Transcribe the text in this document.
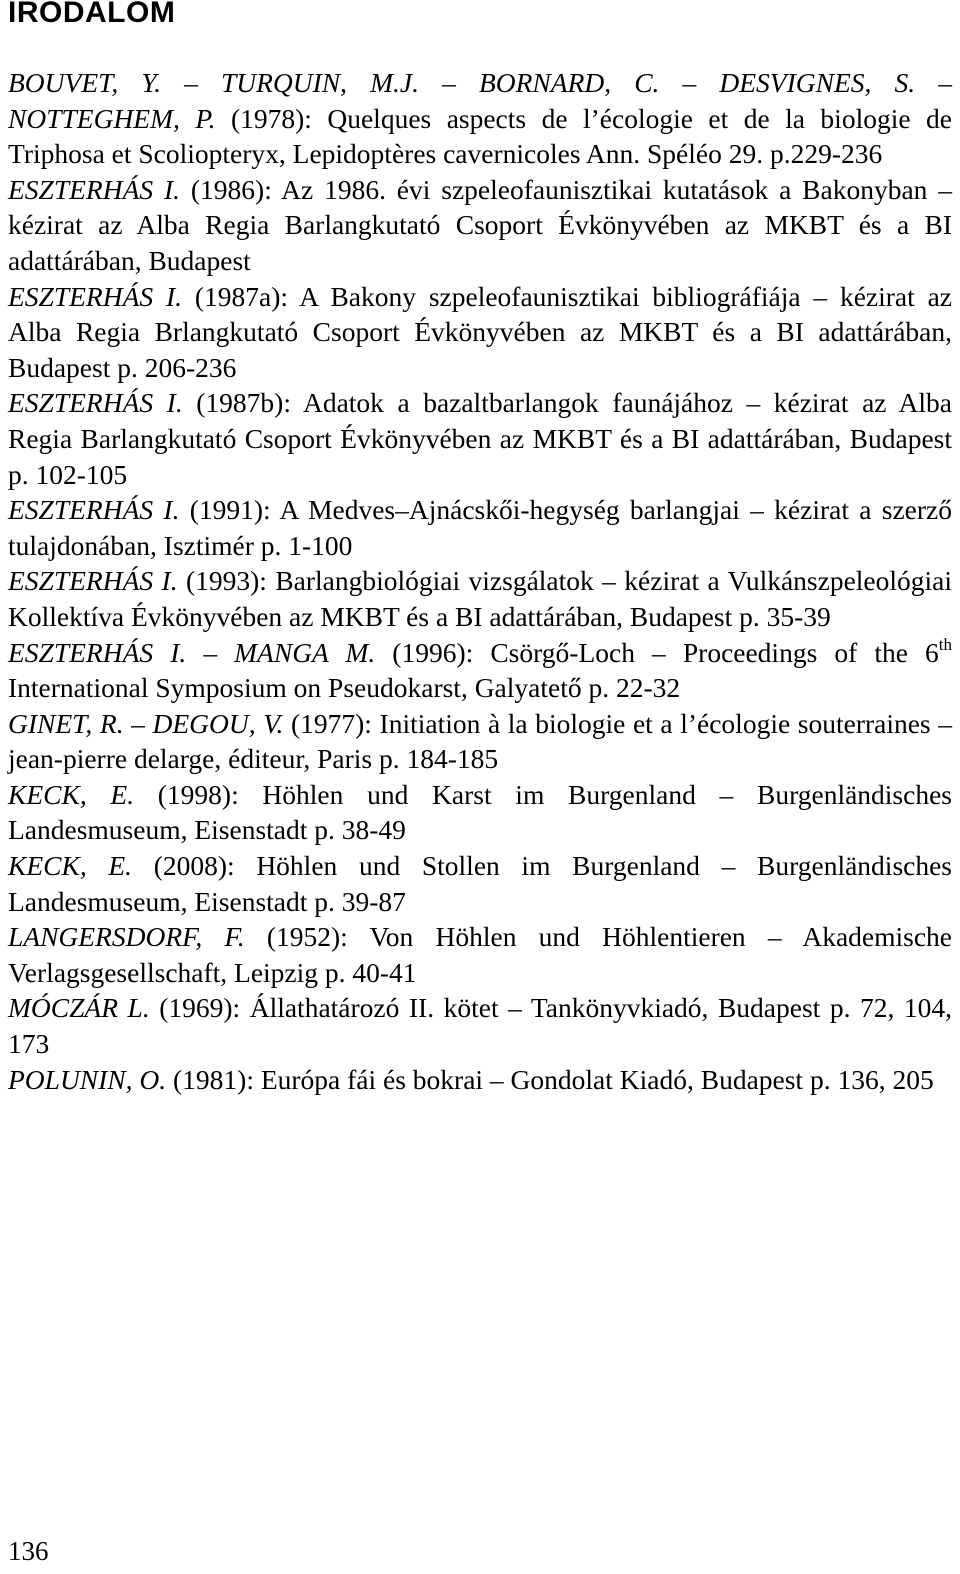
IRODALOM
BOUVET, Y. – TURQUIN, M.J. – BORNARD, C. – DESVIGNES, S. – NOTTEGHEM, P. (1978): Quelques aspects de l’écologie et de la biologie de Triphosa et Scoliopteryx, Lepidoptères cavernicoles Ann. Spéléo 29. p.229-236
ESZTERHÁS I. (1986): Az 1986. évi szpeleofaunisztikai kutatások a Bakonyban – kézirat az Alba Regia Barlangkutató Csoport Évkönyvében az MKBT és a BI adattárában, Budapest
ESZTERHÁS I. (1987a): A Bakony szpeleofaunisztikai bibliográfiája – kézirat az Alba Regia Brlangkutató Csoport Évkönyvében az MKBT és a BI adattárában, Budapest p. 206-236
ESZTERHÁS I. (1987b): Adatok a bazaltbarlangok faunájához – kézirat az Alba Regia Barlangkutató Csoport Évkönyvében az MKBT és a BI adattárában, Budapest p. 102-105
ESZTERHÁS I. (1991): A Medves–Ajnácskői-hegység barlangjai – kézirat a szerző tulajdonában, Isztimér p. 1-100
ESZTERHÁS I. (1993): Barlangbiológiai vizsgálatok – kézirat a Vulkánszpeleológiai Kollektíva Évkönyvében az MKBT és a BI adattárában, Budapest p. 35-39
ESZTERHÁS I. – MANGA M. (1996): Csörgő-Loch – Proceedings of the 6th International Symposium on Pseudokarst, Galyatető p. 22-32
GINET, R. – DEGOU, V. (1977): Initiation à la biologie et a l’écologie souterraines – jean-pierre delarge, éditeur, Paris p. 184-185
KECK, E. (1998): Höhlen und Karst im Burgenland – Burgenländisches Landesmuseum, Eisenstadt p. 38-49
KECK, E. (2008): Höhlen und Stollen im Burgenland – Burgenländisches Landesmuseum, Eisenstadt p. 39-87
LANGERSDORF, F. (1952): Von Höhlen und Höhlentieren – Akademische Verlagsgesellschaft, Leipzig p. 40-41
MÓCZÁR L. (1969): Állathatározó II. kötet – Tankönyvkiadó, Budapest p. 72, 104, 173
POLUNIN, O. (1981): Európa fái és bokrai – Gondolat Kiadó, Budapest p. 136, 205
136
